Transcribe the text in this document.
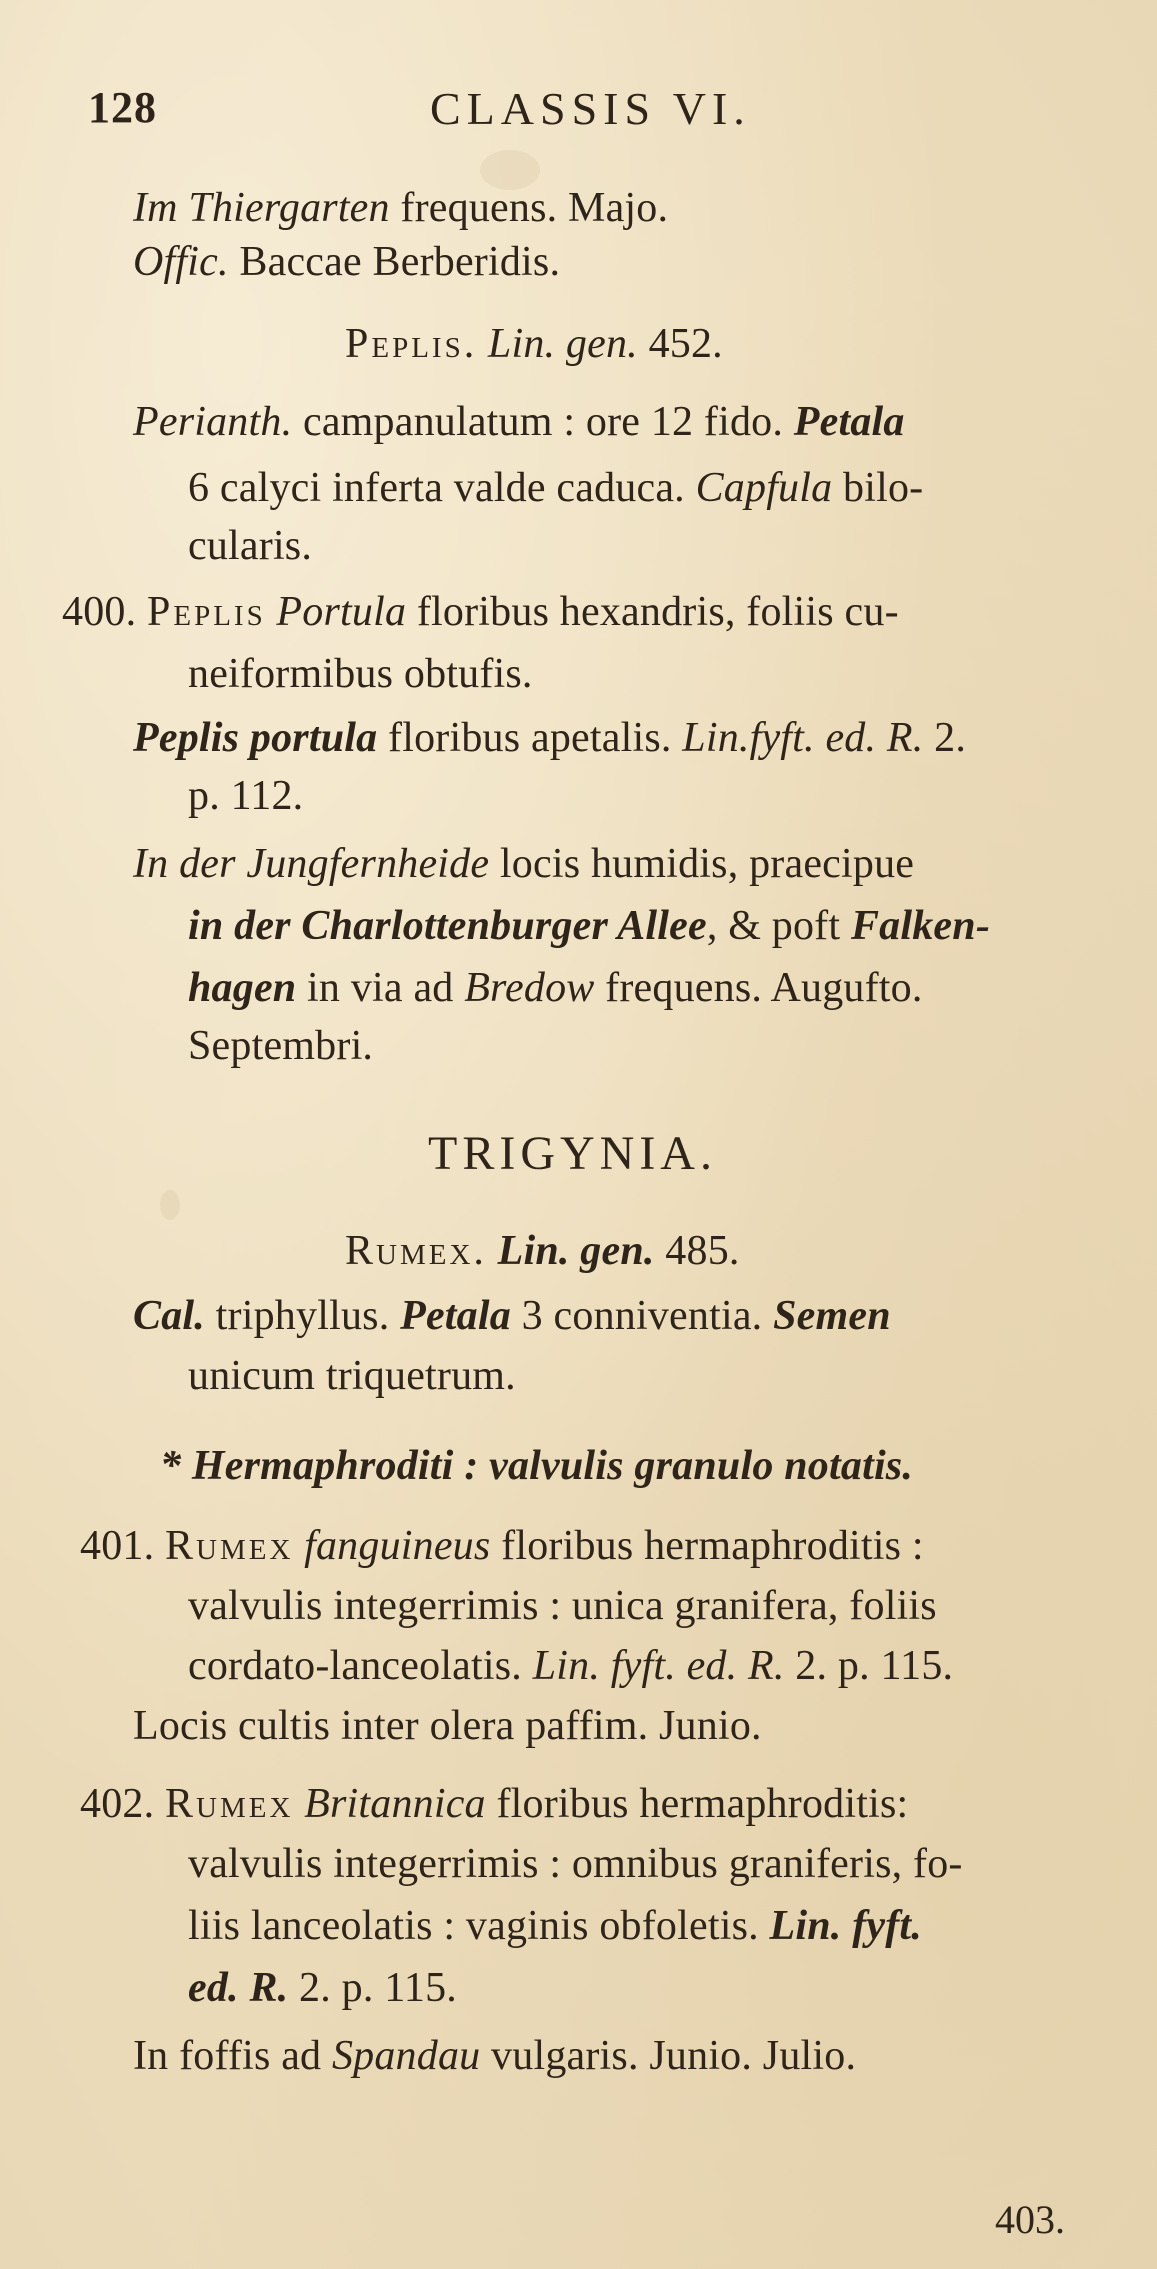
128	CLASSIS VI.
Im Thiergarten frequens. Majo.
Offic. Baccae Berberidis.
Peplis. Lin. gen. 452.
Perianth. campanulatum : ore 12 fido. Petala
6 calyci inferta valde caduca. Capfula bilo-
cularis.
400. Peplis Portula floribus hexandris, foliis cu-
neiformibus obtufis.
Peplis portula floribus apetalis. Lin.fyft. ed. R. 2.
p. 112.
In der Jungfernheide locis humidis, praecipue
in der Charlottenburger Allee, & poft Falken-
hagen in via ad Bredow frequens. Augufto.
Septembri.
TRIGYNIA.
Rumex. Lin. gen. 485.
Cal. triphyllus. Petala 3 conniventia. Semen
unicum triquetrum.
* Hermaphroditi : valvulis granulo notatis.
401. Rumex fanguineus floribus hermaphroditis :
valvulis integerrimis : unica granifera, foliis
cordato-lanceolatis. Lin. fyft. ed. R. 2. p. 115.
Locis cultis inter olera paffim. Junio.
402. Rumex Britannica floribus hermaphroditis:
valvulis integerrimis : omnibus graniferis, fo-
liis lanceolatis : vaginis obfoletis. Lin. fyft.
ed. R. 2. p. 115.
In foffis ad Spandau vulgaris. Junio. Julio.
403.
